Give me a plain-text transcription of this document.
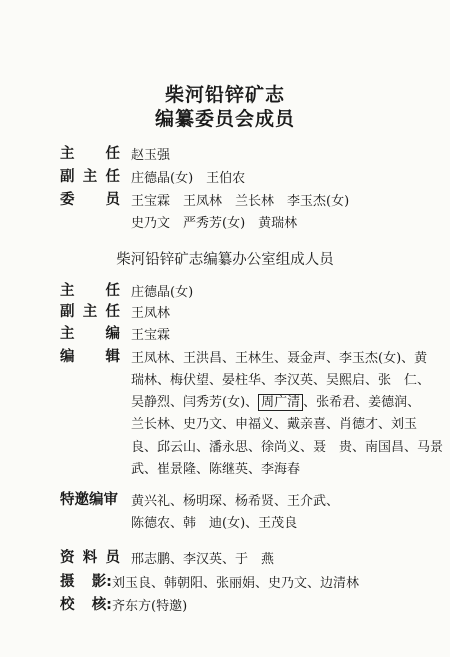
柴河铅锌矿志
编纂委员会成员
主 任 赵玉强
副 主 任 庄德晶(女)　王伯农
委 员 王宝霖　王凤林　兰长林　李玉杰(女)
史乃文　严秀芳(女)　黄瑞林
柴河铅锌矿志编纂办公室组成人员
主 任 庄德晶(女)
副 主 任 王凤林
主 编 王宝霖
编 辑 王凤林、王洪昌、王林生、聂金声、李玉杰(女)、黄
瑞林、梅伏望、晏柱华、李汉英、吴熙启、张　仁、
吴静烈、闫秀芳(女)、 周广清 、张希君、姜德润、
兰长林、史乃文、申福义、戴亲喜、肖德才、刘玉
良、邱云山、潘永思、徐尚义、聂　贵、南国昌、马景
武、崔景隆、陈继英、李海春
特邀编审 黄兴礼、杨明琛、杨希贤、王介武、
陈德农、韩　迪(女)、王茂良
资 料 员 邢志鹏、李汉英、于　燕
摄 影: 刘玉良、韩朝阳、张丽娟、史乃文、边清林
校 核: 齐东方(特邀)
